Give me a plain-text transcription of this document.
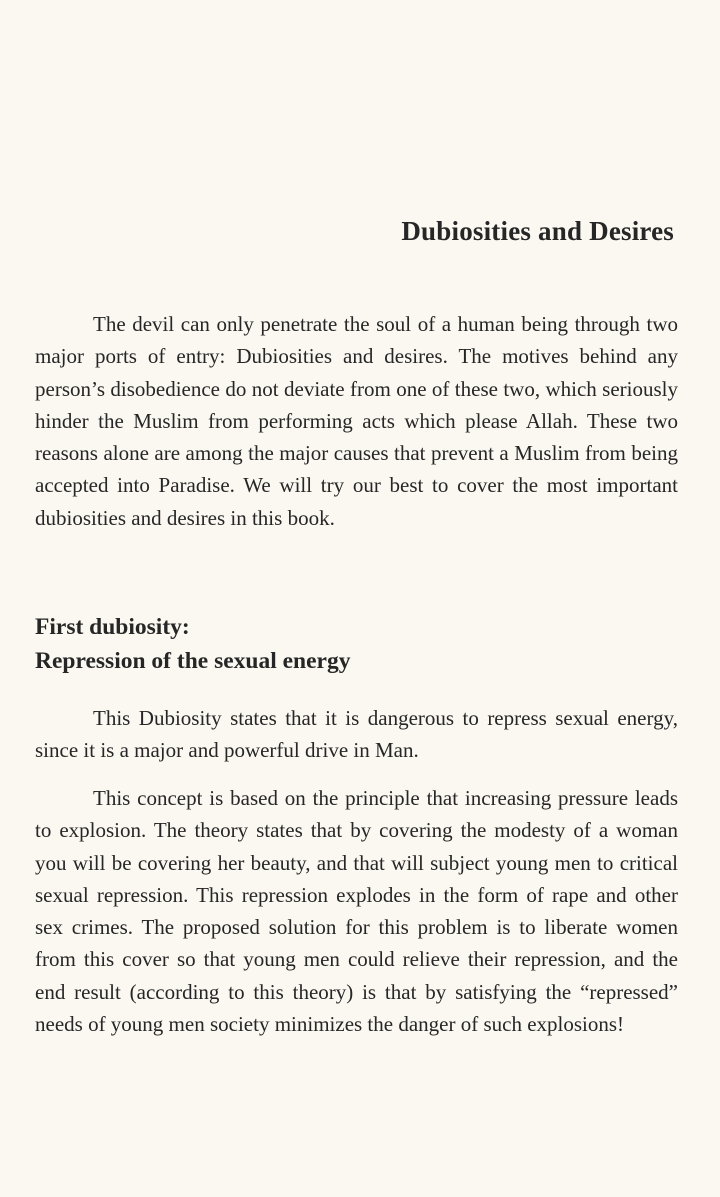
Dubiosities and Desires

The devil can only penetrate the soul of a human being through two major ports of entry: Dubiosities and desires. The motives behind any person’s disobedience do not deviate from one of these two, which seriously hinder the Muslim from performing acts which please Allah. These two reasons alone are among the major causes that prevent a Muslim from being accepted into Paradise. We will try our best to cover the most important dubiosities and desires in this book.

First dubiosity:
Repression of the sexual energy

This Dubiosity states that it is dangerous to repress sexual energy, since it is a major and powerful drive in Man.

This concept is based on the principle that increasing pressure leads to explosion. The theory states that by covering the modesty of a woman you will be covering her beauty, and that will subject young men to critical sexual repression. This repression explodes in the form of rape and other sex crimes. The proposed solution for this problem is to liberate women from this cover so that young men could relieve their repression, and the end result (according to this theory) is that by satisfying the “repressed” needs of young men society minimizes the danger of such explosions!
